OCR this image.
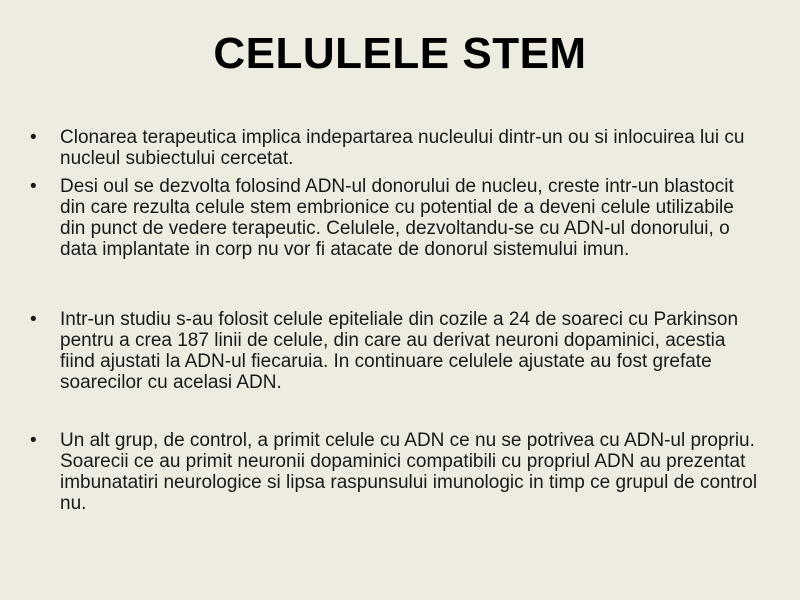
CELULELE STEM
• Clonarea terapeutica implica indepartarea nucleului dintr-un ou si inlocuirea lui cu nucleul subiectului cercetat.
• Desi oul se dezvolta folosind ADN-ul donorului de nucleu, creste intr-un blastocit din care rezulta celule stem embrionice cu potential de a deveni celule utilizabile din punct de vedere terapeutic. Celulele, dezvoltandu-se cu ADN-ul donorului, o data implantate in corp nu vor fi atacate de donorul sistemului imun.
• Intr-un studiu s-au folosit celule epiteliale din cozile a 24 de soareci cu Parkinson pentru a crea 187 linii de celule, din care au derivat neuroni dopaminici, acestia fiind ajustati la ADN-ul fiecaruia. In continuare celulele ajustate au fost grefate soarecilor cu acelasi ADN.
• Un alt grup, de control, a primit celule cu ADN ce nu se potrivea cu ADN-ul propriu. Soarecii ce au primit neuronii dopaminici compatibili cu propriul ADN au prezentat imbunatatiri neurologice si lipsa raspunsului imunologic in timp ce grupul de control nu.
